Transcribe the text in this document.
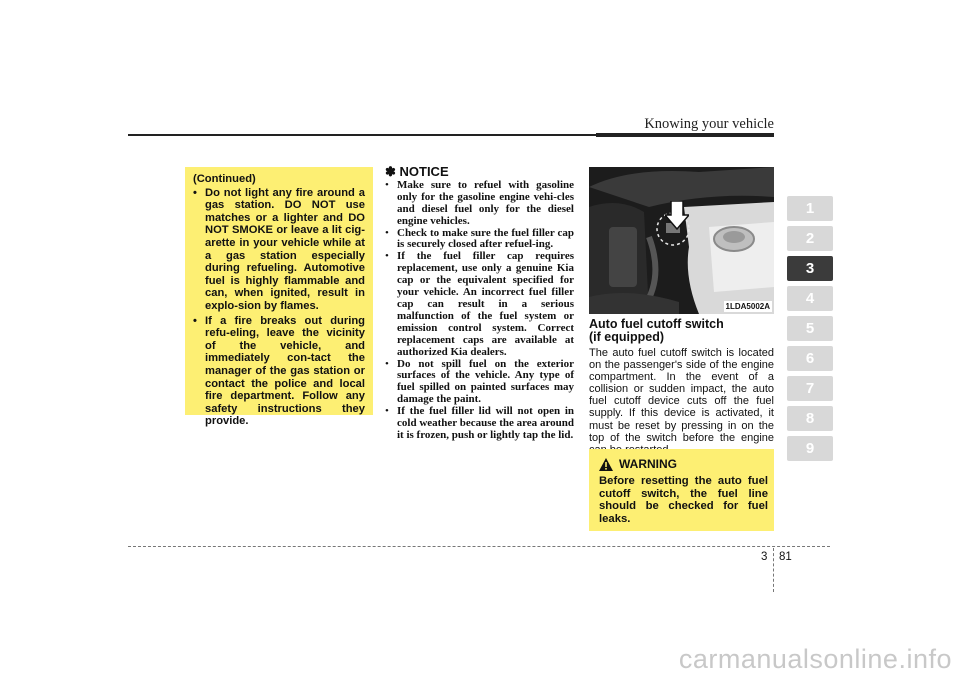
Knowing your vehicle
1
2
3
4
5
6
7
8
9
(Continued)
• Do not light any fire around a gas station. DO NOT use matches or a lighter and DO NOT SMOKE or leave a lit cig-arette in your vehicle while at a gas station especially during refueling. Automotive fuel is highly flammable and can, when ignited, result in explo-sion by flames.
• If a fire breaks out during refu-eling, leave the vicinity of the vehicle, and immediately con-tact the manager of the gas station or contact the police and local fire department. Follow any safety instructions they provide.
✽ NOTICE
• Make sure to refuel with gasoline only for the gasoline engine vehi-cles and diesel fuel only for the diesel engine vehicles.
• Check to make sure the fuel filler cap is securely closed after refuel-ing.
• If the fuel filler cap requires replacement, use only a genuine Kia cap or the equivalent specified for your vehicle. An incorrect fuel filler cap can result in a serious malfunction of the fuel system or emission control system. Correct replacement caps are available at authorized Kia dealers.
• Do not spill fuel on the exterior surfaces of the vehicle. Any type of fuel spilled on painted surfaces may damage the paint.
• If the fuel filler lid will not open in cold weather because the area around it is frozen, push or lightly tap the lid.
1LDA5002A
Auto fuel cutoff switch
(if equipped)
The auto fuel cutoff switch is located on the passenger's side of the engine compartment. In the event of a collision or sudden impact, the auto fuel cutoff device cuts off the fuel supply. If this device is activated, it must be reset by pressing in on the top of the switch before the engine
WARNING
Before resetting the auto fuel cutoff switch, the fuel line should be checked for fuel leaks.
3 81
carmanualsonline.info
